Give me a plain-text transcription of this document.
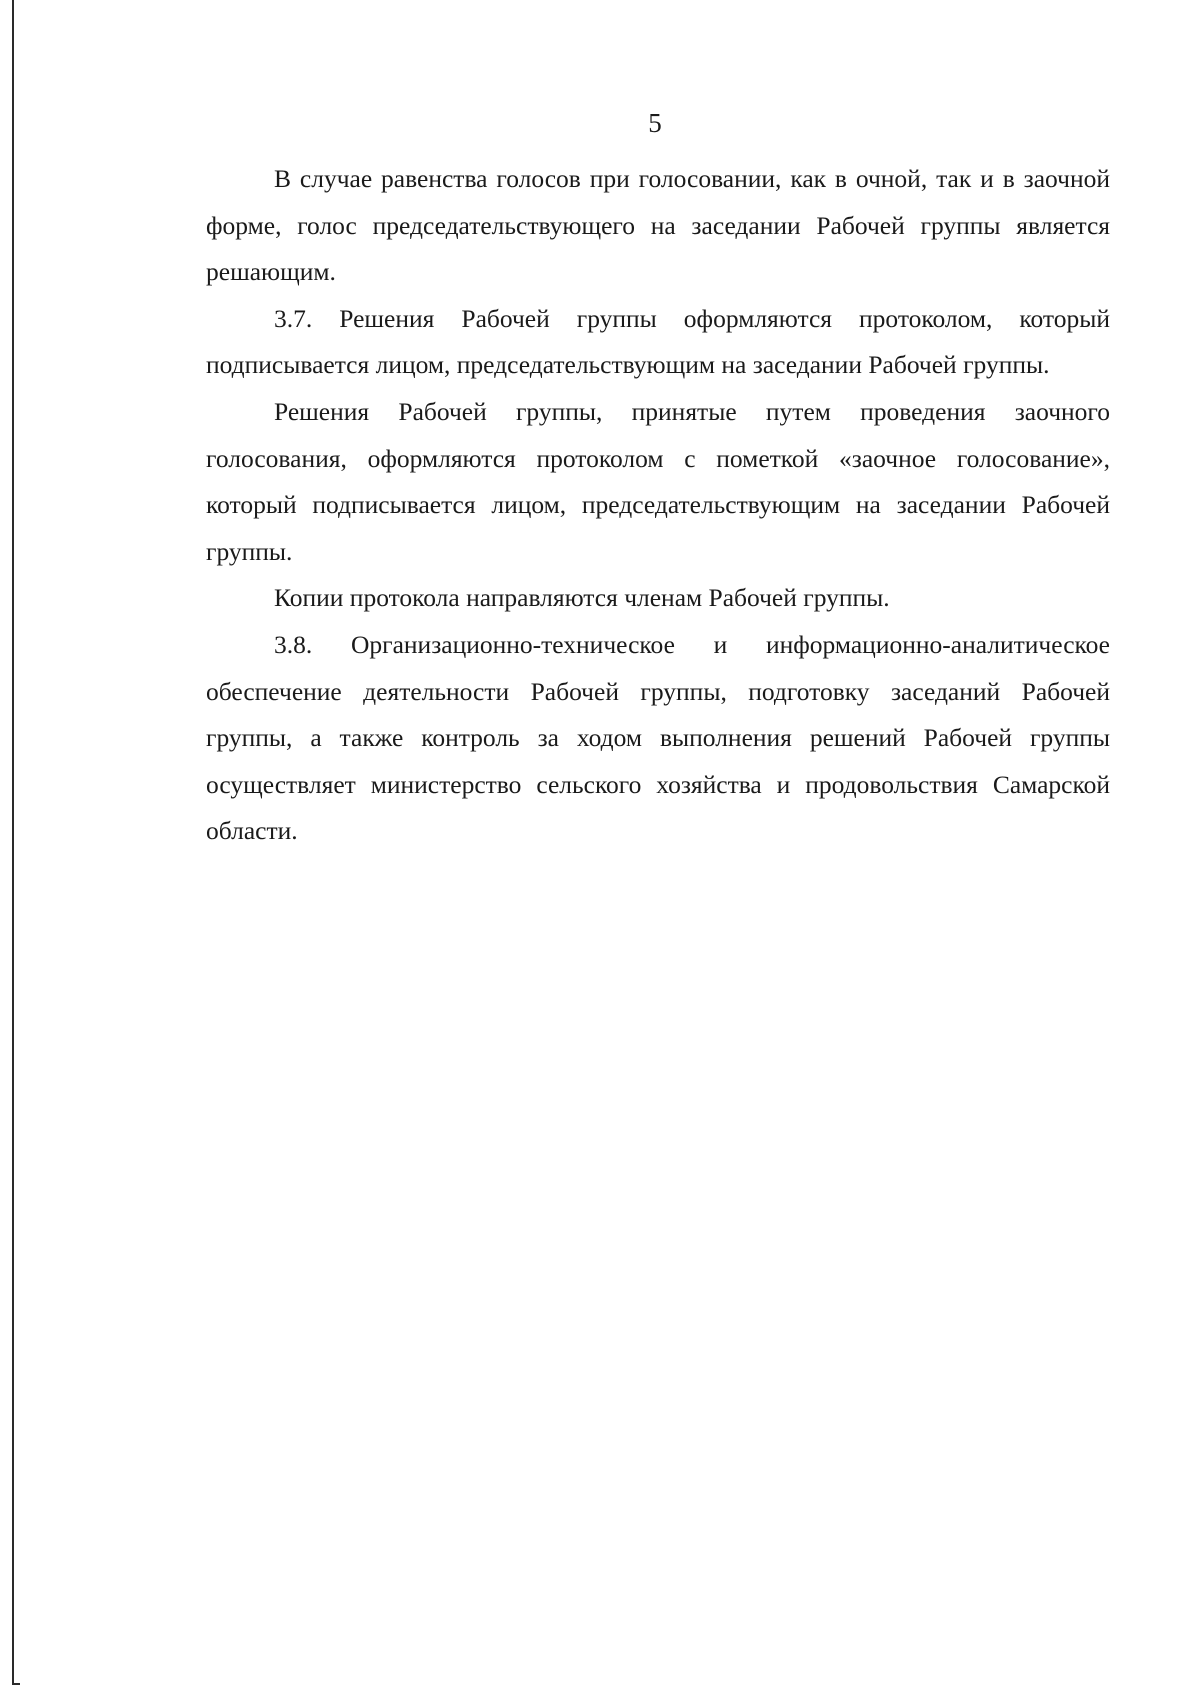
5

В случае равенства голосов при голосовании, как в очной, так и в заочной форме, голос председательствующего на заседании Рабочей группы является решающим.

3.7. Решения Рабочей группы оформляются протоколом, который подписывается лицом, председательствующим на заседании Рабочей группы.

Решения Рабочей группы, принятые путем проведения заочного голосования, оформляются протоколом с пометкой «заочное голосование», который подписывается лицом, председательствующим на заседании Рабочей группы.

Копии протокола направляются членам Рабочей группы.

3.8. Организационно-техническое и информационно-аналитическое обеспечение деятельности Рабочей группы, подготовку заседаний Рабочей группы, а также контроль за ходом выполнения решений Рабочей группы осуществляет министерство сельского хозяйства и продовольствия Самарской области.
